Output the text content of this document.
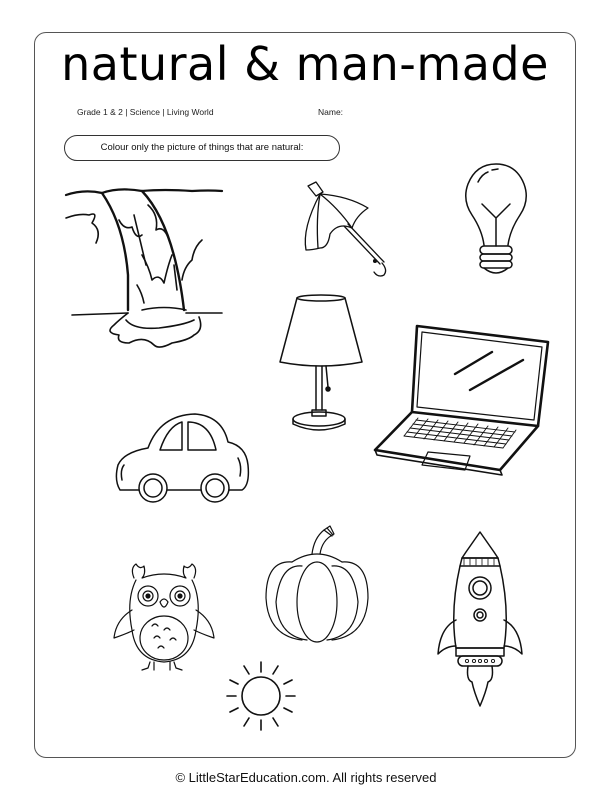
natural & man-made
Grade 1 & 2 | Science | Living World	Name:
Colour only the picture of things that are natural:
© LittleStarEducation.com. All rights reserved
